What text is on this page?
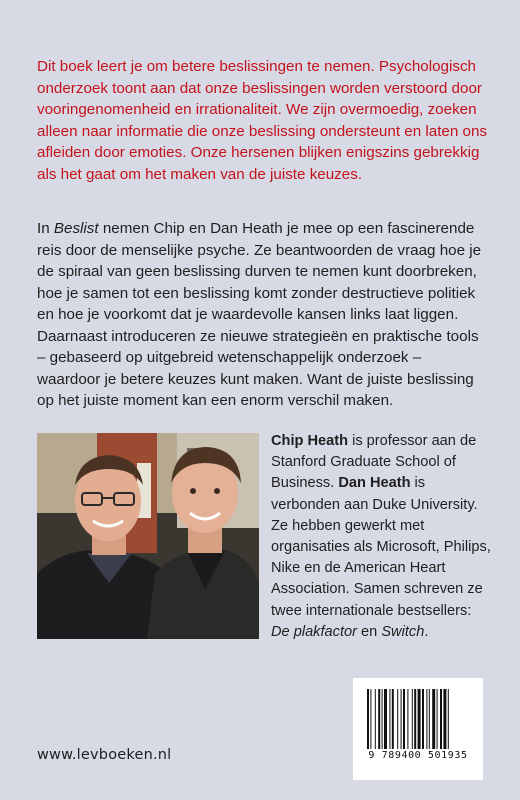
Dit boek leert je om betere beslissingen te nemen. Psychologisch onderzoek toont aan dat onze beslissingen worden verstoord door vooringenomenheid en irrationaliteit. We zijn overmoedig, zoeken alleen naar informatie die onze beslissing ondersteunt en laten ons afleiden door emoties. Onze hersenen blijken enigszins gebrekkig als het gaat om het maken van de juiste keuzes.

In Beslist nemen Chip en Dan Heath je mee op een fascinerende reis door de menselijke psyche. Ze beantwoorden de vraag hoe je de spiraal van geen beslissing durven te nemen kunt doorbreken, hoe je samen tot een beslissing komt zonder destructieve politiek en hoe je voorkomt dat je waardevolle kansen links laat liggen. Daarnaast introduceren ze nieuwe strategieën en praktische tools – gebaseerd op uitgebreid wetenschappelijk onderzoek – waardoor je betere keuzes kunt maken. Want de juiste beslissing op het juiste moment kan een enorm verschil maken.

Chip Heath is professor aan de Stanford Graduate School of Business. Dan Heath is verbonden aan Duke University. Ze hebben gewerkt met organisaties als Microsoft, Philips, Nike en de American Heart Association. Samen schreven ze twee internationale bestsellers: De plakfactor en Switch.

9 789400 501935
www.levboeken.nl
